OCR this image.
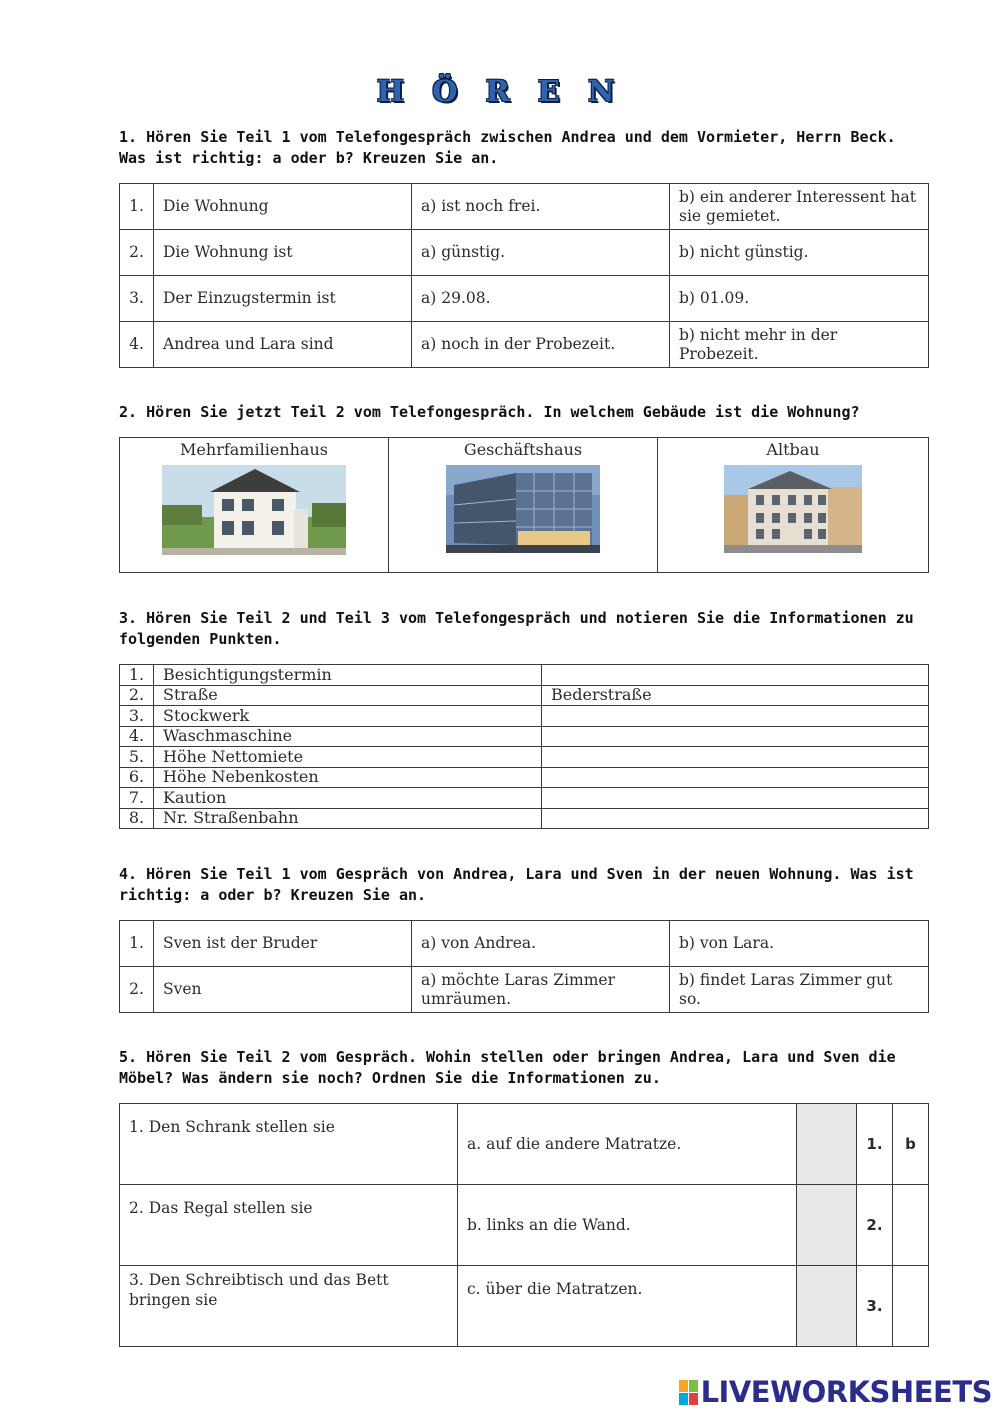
H Ö R E N
1. Hören Sie Teil 1 vom Telefongespräch zwischen Andrea und dem Vormieter, Herrn Beck. Was ist richtig: a oder b? Kreuzen Sie an.
1.	Die Wohnung	a) ist noch frei.	b) ein anderer Interessent hat sie gemietet.
2.	Die Wohnung ist	a) günstig.	b) nicht günstig.
3.	Der Einzugstermin ist	a) 29.08.	b) 01.09.
4.	Andrea und Lara sind	a) noch in der Probezeit.	b) nicht mehr in der Probezeit.
2. Hören Sie jetzt Teil 2 vom Telefongespräch. In welchem Gebäude ist die Wohnung?
Mehrfamilienhaus	Geschäftshaus	Altbau
3. Hören Sie Teil 2 und Teil 3 vom Telefongespräch und notieren Sie die Informationen zu folgenden Punkten.
1.	Besichtigungstermin	
2.	Straße	Bederstraße
3.	Stockwerk	
4.	Waschmaschine	
5.	Höhe Nettomiete	
6.	Höhe Nebenkosten	
7.	Kaution	
8.	Nr. Straßenbahn	
4. Hören Sie Teil 1 vom Gespräch von Andrea, Lara und Sven in der neuen Wohnung. Was ist richtig: a oder b? Kreuzen Sie an.
1.	Sven ist der Bruder	a) von Andrea.	b) von Lara.
2.	Sven	a) möchte Laras Zimmer umräumen.	b) findet Laras Zimmer gut so.
5. Hören Sie Teil 2 vom Gespräch. Wohin stellen oder bringen Andrea, Lara und Sven die Möbel? Was ändern sie noch? Ordnen Sie die Informationen zu.
1. Den Schrank stellen sie	a. auf die andere Matratze.		1.	b
2. Das Regal stellen sie	b. links an die Wand.		2.	
3. Den Schreibtisch und das Bett bringen sie	c. über die Matratzen.		3.	
LIVEWORKSHEETS
